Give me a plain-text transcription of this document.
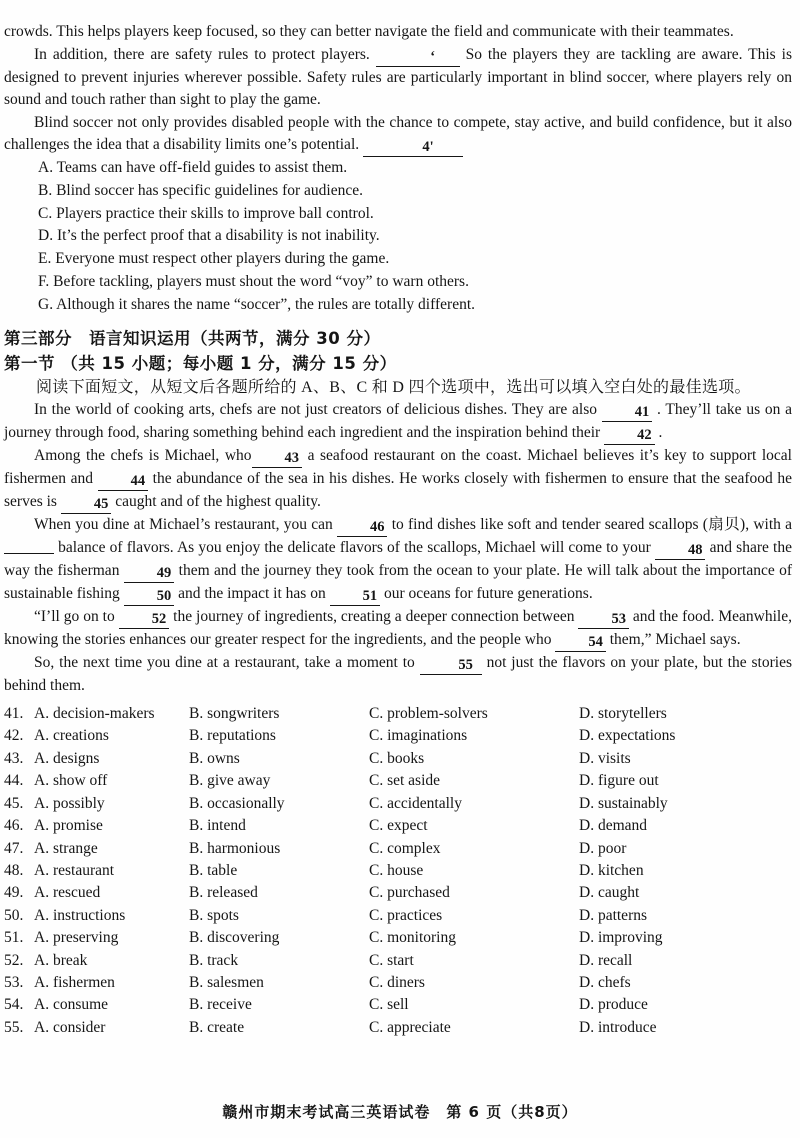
crowds. This helps players keep focused, so they can better navigate the field and communicate with their teammates.

In addition, there are safety rules to protect players.	‘ So the players they are tackling are aware. This is designed to prevent injuries wherever possible. Safety rules are particularly important in blind soccer, where players rely on sound and touch rather than sight to play the game.

Blind soccer not only provides disabled people with the chance to compete, stay active, and build confidence, but it also challenges the idea that a disability limits one’s potential.	4'

A. Teams can have off-field guides to assist them.

B. Blind soccer has specific guidelines for audience.

C. Players practice their skills to improve ball control.

D. It’s the perfect proof that a disability is not inability.

E. Everyone must respect other players during the game.

F. Before tackling, players must shout the word “voy” to warn others.

G. Although it shares the name “soccer”, the rules are totally different.

第三部分　语言知识运用（共两节，满分 30 分）
第一节 （共 15 小题；每小题 1 分，满分 15 分）

阅读下面短文，从短文后各题所给的 A、B、C 和 D 四个选项中，选出可以填入空白处的最佳选项。

In the world of cooking arts, chefs are not just creators of delicious dishes. They are also 41 . They’ll take us on a journey through food, sharing something behind each ingredient and the inspiration behind their 42 .

Among the chefs is Michael, who 43 a seafood restaurant on the coast. Michael believes it’s key to support local fishermen and 44 the abundance of the sea in his dishes. He works closely with fishermen to ensure that the seafood he serves is 45 caught and of the highest quality.

When you dine at Michael’s restaurant, you can 46 to find dishes like soft and tender seared scallops (扇贝), with a  balance of flavors. As you enjoy the delicate flavors of the scallops, Michael will come to your 48 and share the way the fisherman 49 them and the journey they took from the ocean to your plate. He will talk about the importance of sustainable fishing 50 and the impact it has on 51 our oceans for future generations.

“I’ll go on to 52 the journey of ingredients, creating a deeper connection between 53 and the food. Meanwhile, knowing the stories enhances our greater respect for the ingredients, and the people who 54 them,” Michael says.

So, the next time you dine at a restaurant, take a moment to	55 not just the flavors on your plate, but the stories behind them.

41. A. decision-makers	B. songwriters	C. problem-solvers	D. storytellers
42. A. creations	B. reputations	C. imaginations	D. expectations
43. A. designs	B. owns	C. books	D. visits
44. A. show off	B. give away	C. set aside	D. figure out
45. A. possibly	B. occasionally	C. accidentally	D. sustainably
46. A. promise	B. intend	C. expect	D. demand
47. A. strange	B. harmonious	C. complex	D. poor
48. A. restaurant	B. table	C. house	D. kitchen
49. A. rescued	B. released	C. purchased	D. caught
50. A. instructions	B. spots	C. practices	D. patterns
51. A. preserving	B. discovering	C. monitoring	D. improving
52. A. break	B. track	C. start	D. recall
53. A. fishermen	B. salesmen	C. diners	D. chefs
54. A. consume	B. receive	C. sell	D. produce
55. A. consider	B. create	C. appreciate	D. introduce
赣州市期末考试高三英语试卷　第 6 页（共8页）
